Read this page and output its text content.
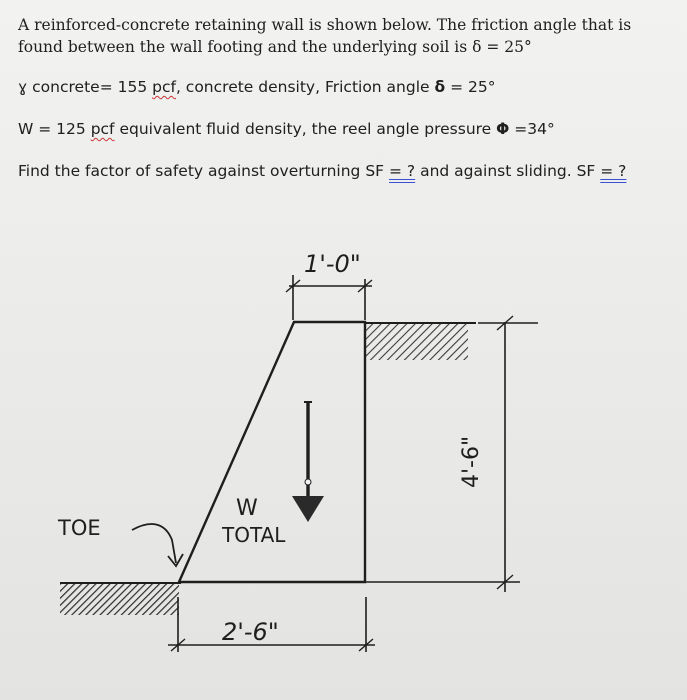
A reinforced-concrete retaining wall is shown below. The friction angle that is found between the wall footing and the underlying soil is δ = 25°

ɣ concrete= 155 pcf, concrete density, Friction angle δ = 25°

W = 125 pcf equivalent fluid density, the reel angle pressure Φ =34°

Find the factor of safety against overturning SF = ? and against sliding. SF = ?

1'-0"
4'-6"
2'-6"
W
TOTAL
TOE
